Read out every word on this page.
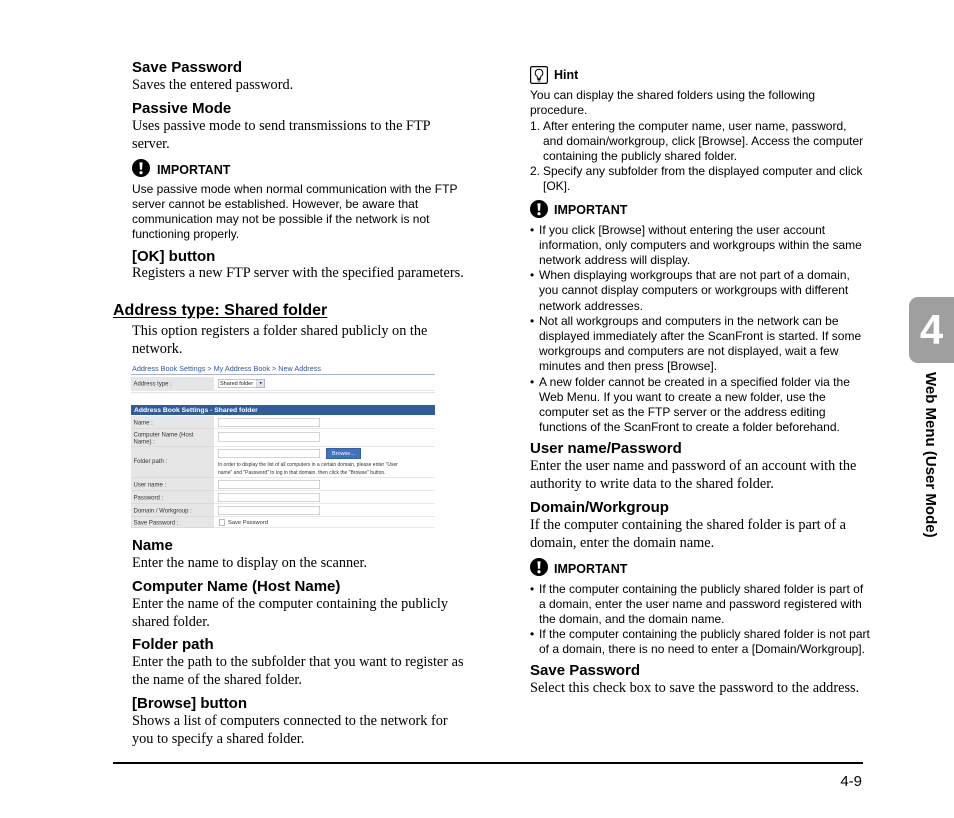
Save Password
Saves the entered password.
Passive Mode
Uses passive mode to send transmissions to the FTP
server.
IMPORTANT
Use passive mode when normal communication with the FTP
server cannot be established. However, be aware that
communication may not be possible if the network is not
functioning properly.
[OK] button
Registers a new FTP server with the specified parameters.
Address type: Shared folder
This option registers a folder shared publicly on the
network.
Address Book Settings > My Address Book > New Address
Address type :	Shared folder ▾
Address Book Settings - Shared folder
Name :
Computer Name (Host
Name) :
Folder path :
Browse...
In order to display the list of all computers in a certain domain, please enter "User
name" and "Password" to log in that domain, then click the "Browse" button.
User name :
Password :
Domain / Workgroup :
Save Password :	Save Password
Name
Enter the name to display on the scanner.
Computer Name (Host Name)
Enter the name of the computer containing the publicly
shared folder.
Folder path
Enter the path to the subfolder that you want to register as
the name of the shared folder.
[Browse] button
Shows a list of computers connected to the network for
you to specify a shared folder.
Hint
You can display the shared folders using the following
procedure.
1. After entering the computer name, user name, password,
and domain/workgroup, click [Browse]. Access the computer
containing the publicly shared folder.
2. Specify any subfolder from the displayed computer and click
[OK].
IMPORTANT
• If you click [Browse] without entering the user account
information, only computers and workgroups within the same
network address will display.
• When displaying workgroups that are not part of a domain,
you cannot display computers or workgroups with different
network addresses.
• Not all workgroups and computers in the network can be
displayed immediately after the ScanFront is started. If some
workgroups and computers are not displayed, wait a few
minutes and then press [Browse].
• A new folder cannot be created in a specified folder via the
Web Menu. If you want to create a new folder, use the
computer set as the FTP server or the address editing
functions of the ScanFront to create a folder beforehand.
User name/Password
Enter the user name and password of an account with the
authority to write data to the shared folder.
Domain/Workgroup
If the computer containing the shared folder is part of a
domain, enter the domain name.
IMPORTANT
• If the computer containing the publicly shared folder is part of
a domain, enter the user name and password registered with
the domain, and the domain name.
• If the computer containing the publicly shared folder is not part
of a domain, there is no need to enter a [Domain/Workgroup].
Save Password
Select this check box to save the password to the address.
4
Web Menu (User Mode)
4-9
